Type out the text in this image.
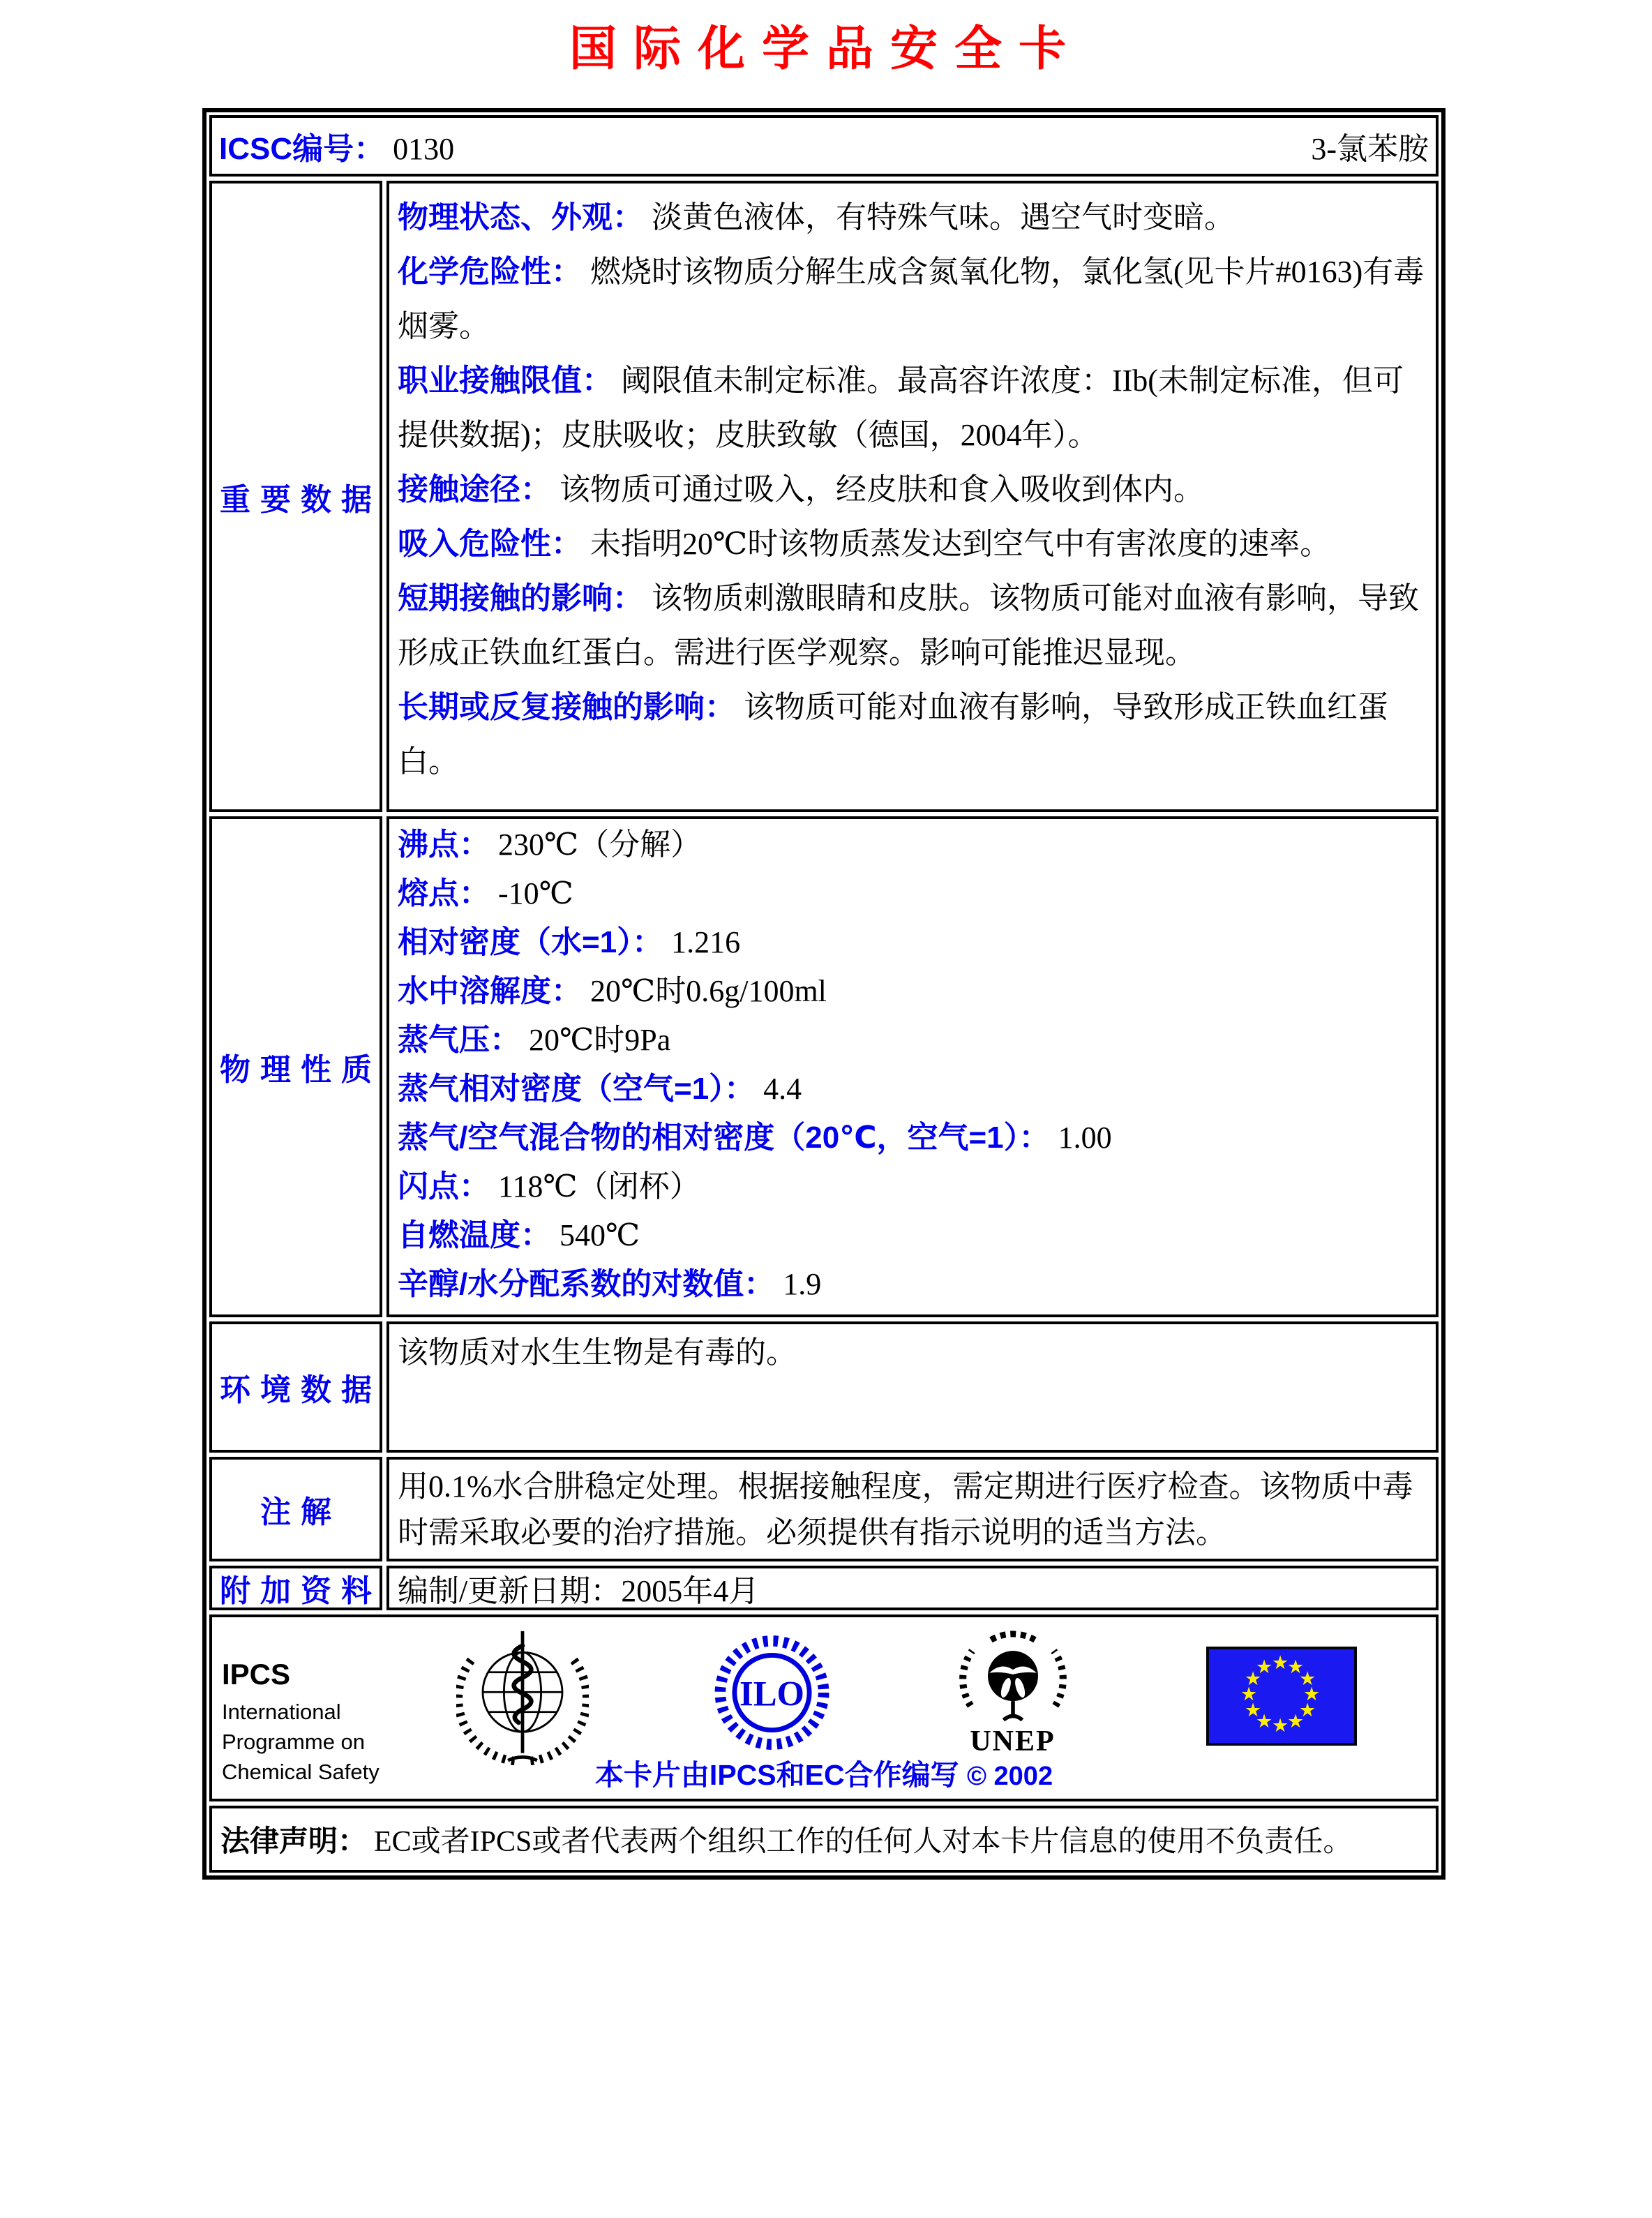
国际化学品安全卡
ICSC编号： 0130	3-氯苯胺
重要数据

物理状态、外观： 淡黄色液体，有特殊气味。遇空气时变暗。

化学危险性： 燃烧时该物质分解生成含氮氧化物，氯化氢(见卡片#0163)有毒烟雾。

职业接触限值： 阈限值未制定标准。最高容许浓度：IIb(未制定标准，但可提供数据)；皮肤吸收；皮肤致敏（德国，2004年）。

接触途径： 该物质可通过吸入，经皮肤和食入吸收到体内。

吸入危险性： 未指明20℃时该物质蒸发达到空气中有害浓度的速率。

短期接触的影响： 该物质刺激眼睛和皮肤。该物质可能对血液有影响，导致形成正铁血红蛋白。需进行医学观察。影响可能推迟显现。

长期或反复接触的影响： 该物质可能对血液有影响，导致形成正铁血红蛋白。

物理性质

沸点： 230℃（分解）

熔点： -10℃

相对密度（水=1）： 1.216

水中溶解度： 20℃时0.6g/100ml

蒸气压： 20℃时9Pa

蒸气相对密度（空气=1）： 4.4

蒸气/空气混合物的相对密度（20℃，空气=1）： 1.00

闪点： 118℃（闭杯）

自燃温度： 540℃

辛醇/水分配系数的对数值： 1.9

环境数据

该物质对水生生物是有毒的。

注解

用0.1%水合肼稳定处理。根据接触程度，需定期进行医疗检查。该物质中毒时需采取必要的治疗措施。必须提供有指示说明的适当方法。

附加资料 编制/更新日期：2005年4月

IPCS

International

Programme on

Chemical Safety

ILO
UNEP
★
★
★
★
★
★
★
★
★
★
★
★
本卡片由IPCS和EC合作编写 © 2002
法律声明： EC或者IPCS或者代表两个组织工作的任何人对本卡片信息的使用不负责任。
